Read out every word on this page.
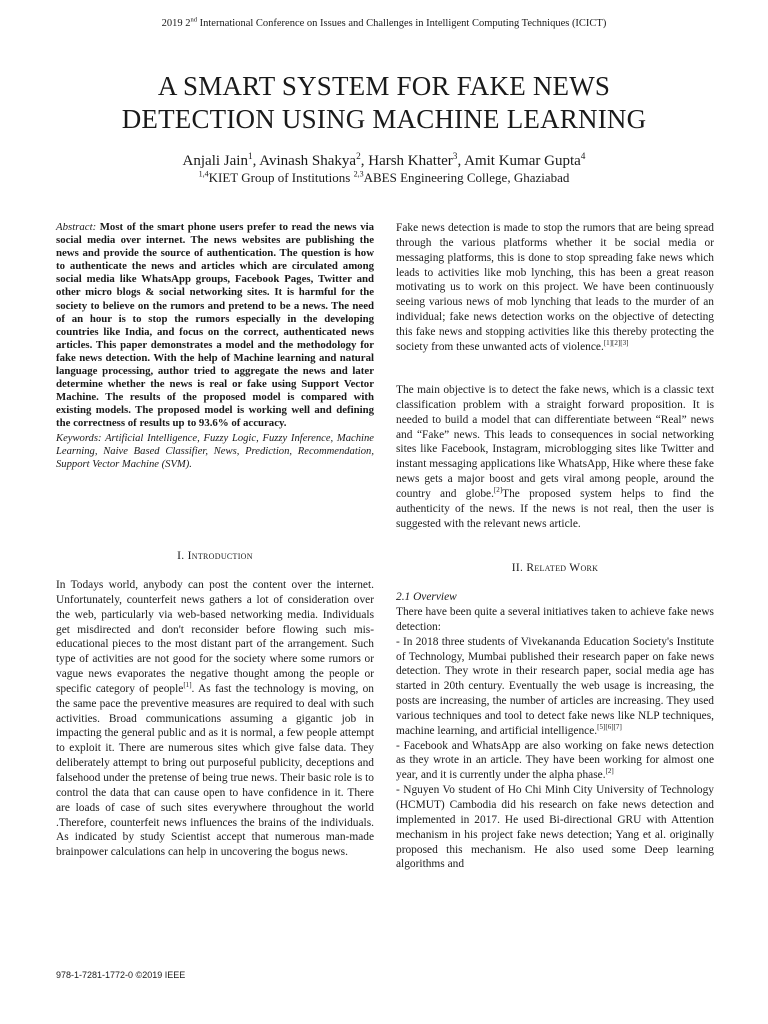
2019 2nd International Conference on Issues and Challenges in Intelligent Computing Techniques (ICICT)
A SMART SYSTEM FOR FAKE NEWS
DETECTION USING MACHINE LEARNING
Anjali Jain$^1$, Avinash Shakya$^2$, Harsh Khatter$^3$, Amit Kumar Gupta$^4$
$^{1,4}$KIET Group of Institutions $^{2,3}$ABES Engineering College, Ghaziabad
Abstract: Most of the smart phone users prefer to read the news via social media over internet. The news websites are publishing the news and provide the source of authentication. The question is how to authenticate the news and articles which are circulated among social media like WhatsApp groups, Facebook Pages, Twitter and other micro blogs & social networking sites. It is harmful for the society to believe on the rumors and pretend to be a news. The need of an hour is to stop the rumors especially in the developing countries like India, and focus on the correct, authenticated news articles. This paper demonstrates a model and the methodology for fake news detection. With the help of Machine learning and natural language processing, author tried to aggregate the news and later determine whether the news is real or fake using Support Vector Machine. The results of the proposed model is compared with existing models. The proposed model is working well and defining the correctness of results up to 93.6% of accuracy.
Keywords: Artificial Intelligence, Fuzzy Logic, Fuzzy Inference, Machine Learning, Naive Based Classifier, News, Prediction, Recommendation, Support Vector Machine (SVM).
I. Introduction
In Todays world, anybody can post the content over the internet. Unfortunately, counterfeit news gathers a lot of consideration over the web, particularly via web-based networking media. Individuals get misdirected and don't reconsider before flowing such mis-educational pieces to the most distant part of the arrangement. Such type of activities are not good for the society where some rumors or vague news evaporates the negative thought among the people or specific category of people[1]. As fast the technology is moving, on the same pace the preventive measures are required to deal with such activities. Broad communications assuming a gigantic job in impacting the general public and as it is normal, a few people attempt to exploit it. There are numerous sites which give false data. They deliberately attempt to bring out purposeful publicity, deceptions and falsehood under the pretense of being true news. Their basic role is to control the data that can cause open to have confidence in it. There are loads of case of such sites everywhere throughout the world .Therefore, counterfeit news influences the brains of the individuals. As indicated by study Scientist accept that numerous man-made brainpower calculations can help in uncovering the bogus news.
Fake news detection is made to stop the rumors that are being spread through the various platforms whether it be social media or messaging platforms, this is done to stop spreading fake news which leads to activities like mob lynching, this has been a great reason motivating us to work on this project. We have been continuously seeing various news of mob lynching that leads to the murder of an individual; fake news detection works on the objective of detecting this fake news and stopping activities like this thereby protecting the society from these unwanted acts of violence.[1][2][3]
The main objective is to detect the fake news, which is a classic text classification problem with a straight forward proposition. It is needed to build a model that can differentiate between “Real” news and “Fake” news. This leads to consequences in social networking sites like Facebook, Instagram, microblogging sites like Twitter and instant messaging applications like WhatsApp, Hike where these fake news gets a major boost and gets viral among people, around the country and globe.[2]The proposed system helps to find the authenticity of the news. If the news is not real, then the user is suggested with the relevant news article.
II. Related Work
2.1 Overview

There have been quite a several initiatives taken to achieve fake news detection:

- In 2018 three students of Vivekananda Education Society's Institute of Technology, Mumbai published their research paper on fake news detection. They wrote in their research paper, social media age has started in 20th century. Eventually the web usage is increasing, the posts are increasing, the number of articles are increasing. They used various techniques and tool to detect fake news like NLP techniques, machine learning, and artificial intelligence.[5][6][7]

- Facebook and WhatsApp are also working on fake news detection as they wrote in an article. They have been working for almost one year, and it is currently under the alpha phase.[2]

- Nguyen Vo student of Ho Chi Minh City University of Technology (HCMUT) Cambodia did his research on fake news detection and implemented in 2017. He used Bi-directional GRU with Attention mechanism in his project fake news detection; Yang et al. originally proposed this mechanism. He also used some Deep learning algorithms and

978-1-7281-1772-0 ©2019 IEEE
